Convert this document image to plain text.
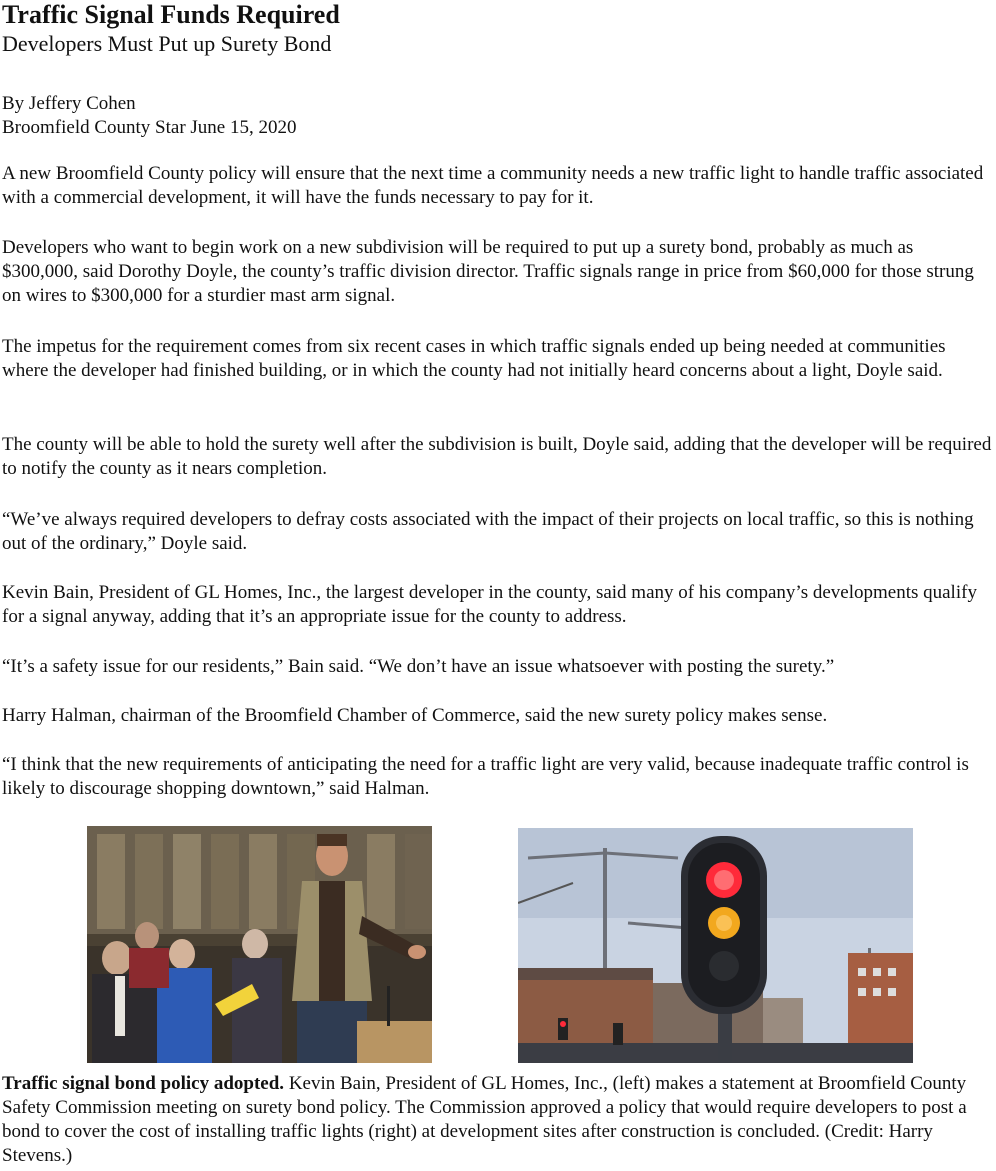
Traffic Signal Funds Required
Developers Must Put up Surety Bond
By Jeffery Cohen
Broomfield County Star June 15, 2020

A new Broomfield County policy will ensure that the next time a community needs a new traffic light to handle traffic associated with a commercial development, it will have the funds necessary to pay for it.

Developers who want to begin work on a new subdivision will be required to put up a surety bond, probably as much as $300,000, said Dorothy Doyle, the county’s traffic division director. Traffic signals range in price from $60,000 for those strung on wires to $300,000 for a sturdier mast arm signal.

The impetus for the requirement comes from six recent cases in which traffic signals ended up being needed at communities where the developer had finished building, or in which the county had not initially heard concerns about a light, Doyle said.

The county will be able to hold the surety well after the subdivision is built, Doyle said, adding that the developer will be required to notify the county as it nears completion.

“We’ve always required developers to defray costs associated with the impact of their projects on local traffic, so this is nothing out of the ordinary,” Doyle said.

Kevin Bain, President of GL Homes, Inc., the largest developer in the county, said many of his company’s developments qualify for a signal anyway, adding that it’s an appropriate issue for the county to address.

“It’s a safety issue for our residents,” Bain said. “We don’t have an issue whatsoever with posting the surety.”

Harry Halman, chairman of the Broomfield Chamber of Commerce, said the new surety policy makes sense.

“I think that the new requirements of anticipating the need for a traffic light are very valid, because inadequate traffic control is likely to discourage shopping downtown,” said Halman.

Traffic signal bond policy adopted. Kevin Bain, President of GL Homes, Inc., (left) makes a statement at Broomfield County Safety Commission meeting on surety bond policy. The Commission approved a policy that would require developers to post a bond to cover the cost of installing traffic lights (right) at development sites after construction is concluded. (Credit: Harry Stevens.)
